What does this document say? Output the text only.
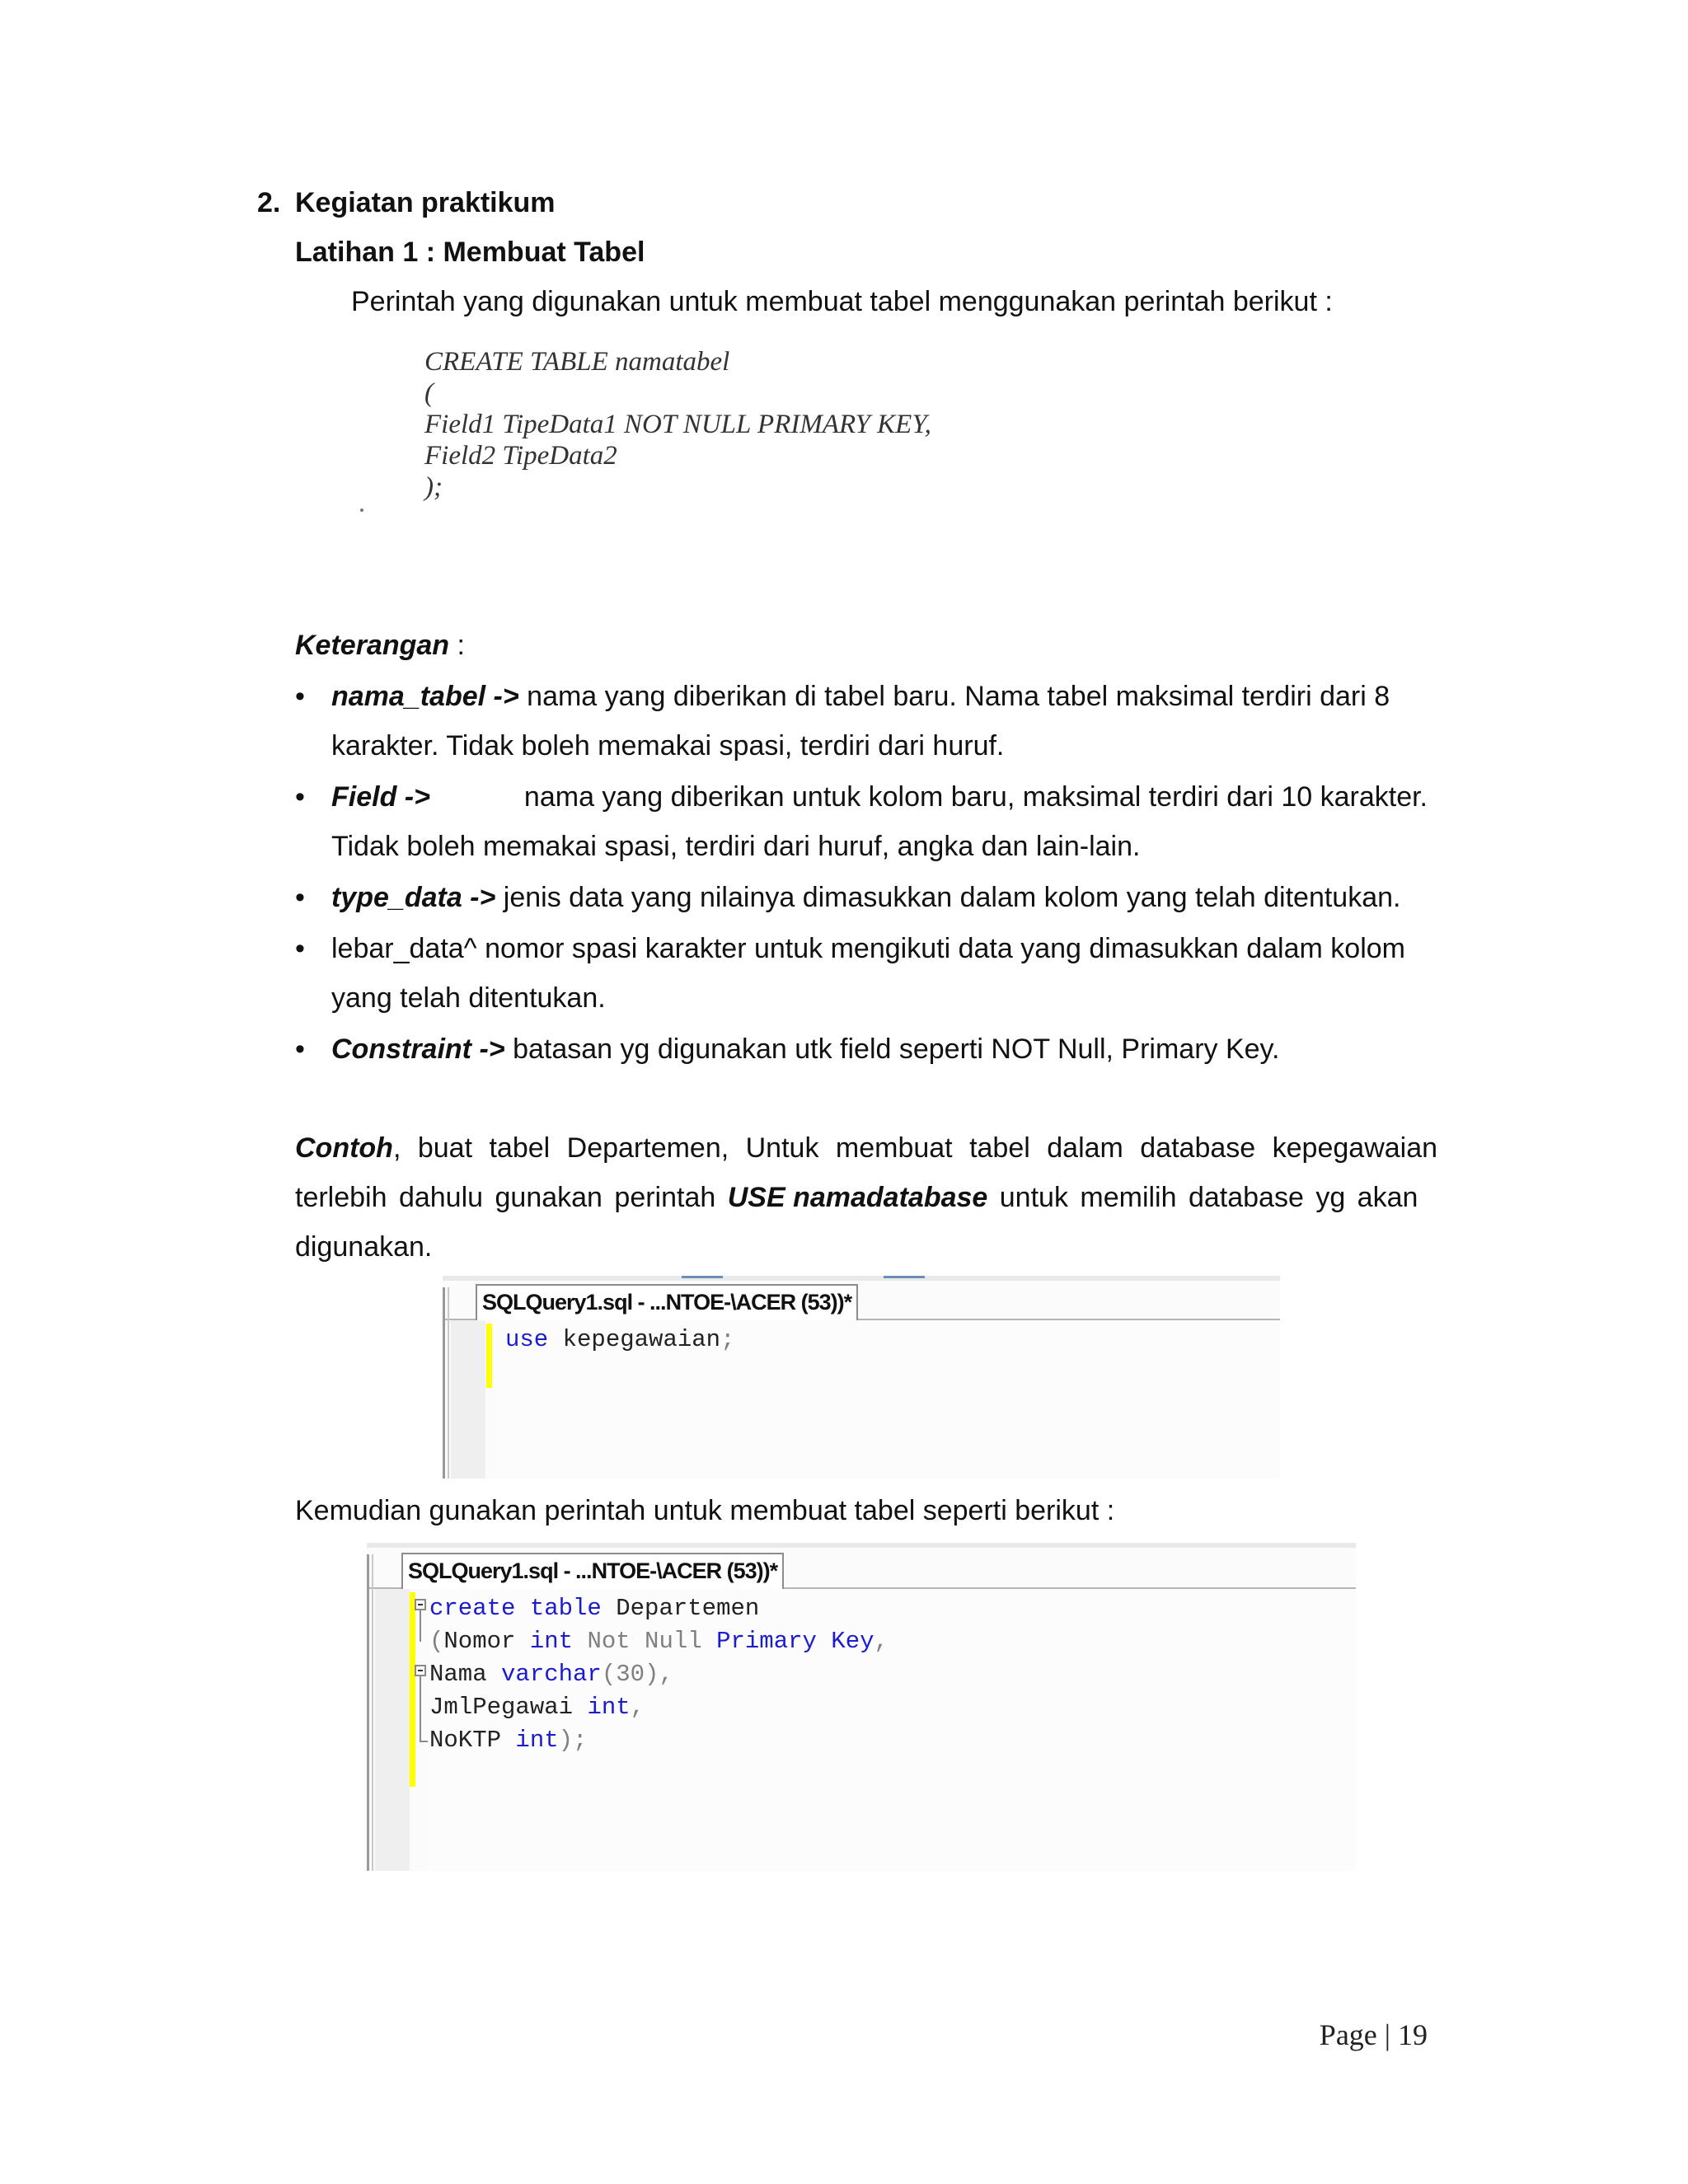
2. Kegiatan praktikum
Latihan 1 : Membuat Tabel
Perintah yang digunakan untuk membuat tabel menggunakan perintah berikut :
CREATE TABLE namatabel
(
Field1 TipeData1 NOT NULL PRIMARY KEY,
Field2 TipeData2
);
Keterangan :
• nama_tabel -> nama yang diberikan di tabel baru. Nama tabel maksimal terdiri dari 8
karakter. Tidak boleh memakai spasi, terdiri dari huruf.
• Field ->	nama yang diberikan untuk kolom baru, maksimal terdiri dari 10 karakter.
Tidak boleh memakai spasi, terdiri dari huruf, angka dan lain-lain.
• type_data -> jenis data yang nilainya dimasukkan dalam kolom yang telah ditentukan.
• lebar_data^ nomor spasi karakter untuk mengikuti data yang dimasukkan dalam kolom
yang telah ditentukan.
• Constraint -> batasan yg digunakan utk field seperti NOT Null, Primary Key.
Contoh, buat tabel Departemen, Untuk membuat tabel dalam database kepegawaian
terlebih dahulu gunakan perintah USE namadatabase untuk memilih database yg akan
digunakan.
SQLQuery1.sql - ...NTOE-\ACER (53))*
use kepegawaian;
Kemudian gunakan perintah untuk membuat tabel seperti berikut :
SQLQuery1.sql - ...NTOE-\ACER (53))*
create table Departemen
(Nomor int Not Null Primary Key,
Nama varchar(30),
JmlPegawai int,
NoKTP int);
Page | 19
